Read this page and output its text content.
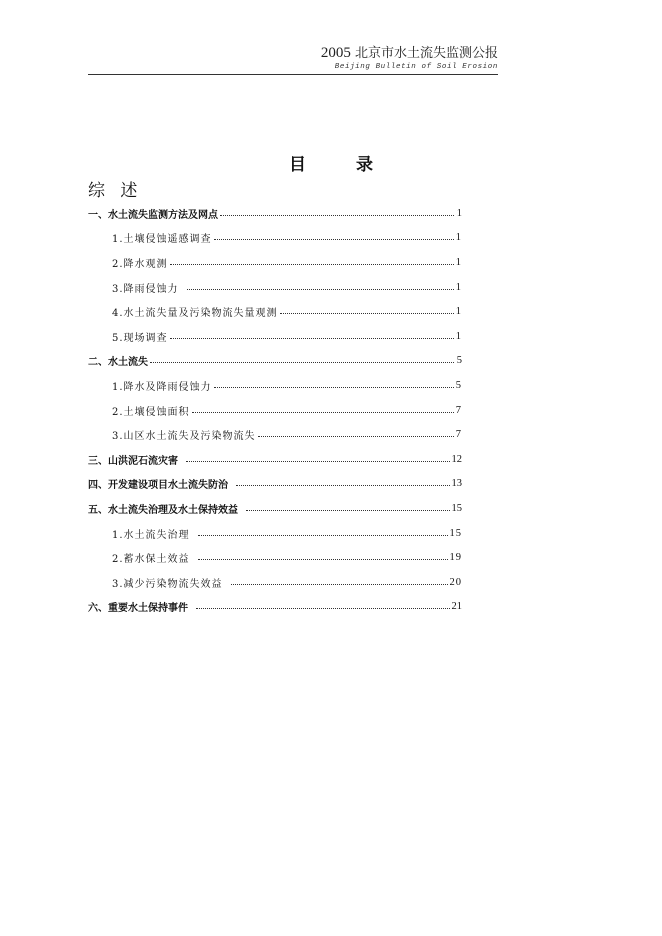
2005 北京市水土流失监测公报
Beijing Bulletin of Soil Erosion
目 录
综 述
一、水土流失监测方法及网点	1
1.土壤侵蚀遥感调查	1
2.降水观测	1
3.降雨侵蚀力	1
4.水土流失量及污染物流失量观测	1
5.现场调查	1
二、水土流失	5
1.降水及降雨侵蚀力	5
2.土壤侵蚀面积	7
3.山区水土流失及污染物流失	7
三、山洪泥石流灾害	12
四、开发建设项目水土流失防治	13
五、水土流失治理及水土保持效益	15
1.水土流失治理	15
2.蓄水保土效益	19
3.减少污染物流失效益	20
六、重要水土保持事件	21
